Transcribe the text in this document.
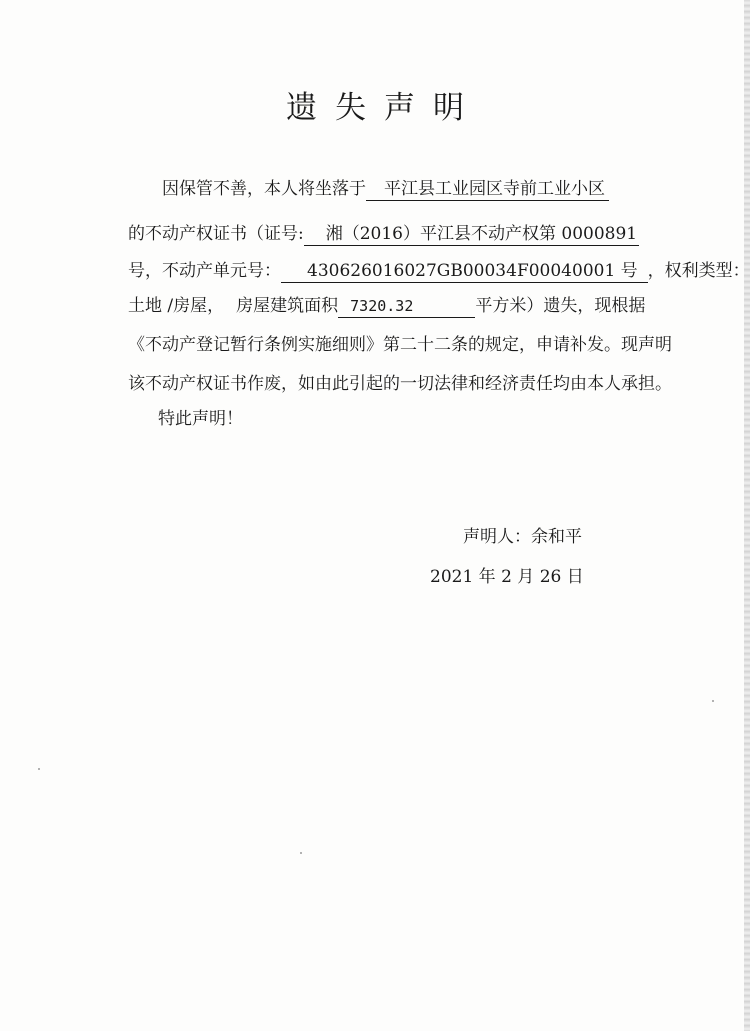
遗失声明
因保管不善，本人将坐落于 平江县工业园区寺前工业小区
的不动产权证书（证号: 湘（2016）平江县不动产权第 0000891
号，不动产单元号： 430626016027GB00034F00040001 号 ，权利类型：
土地 /房屋， 房屋建筑面积 7320.32	平方米）遗失，现根据
《不动产登记暂行条例实施细则》第二十二条的规定，申请补发。现声明
该不动产权证书作废，如由此引起的一切法律和经济责任均由本人承担。
特此声明！
声明人：余和平
2021 年 2 月 26 日
